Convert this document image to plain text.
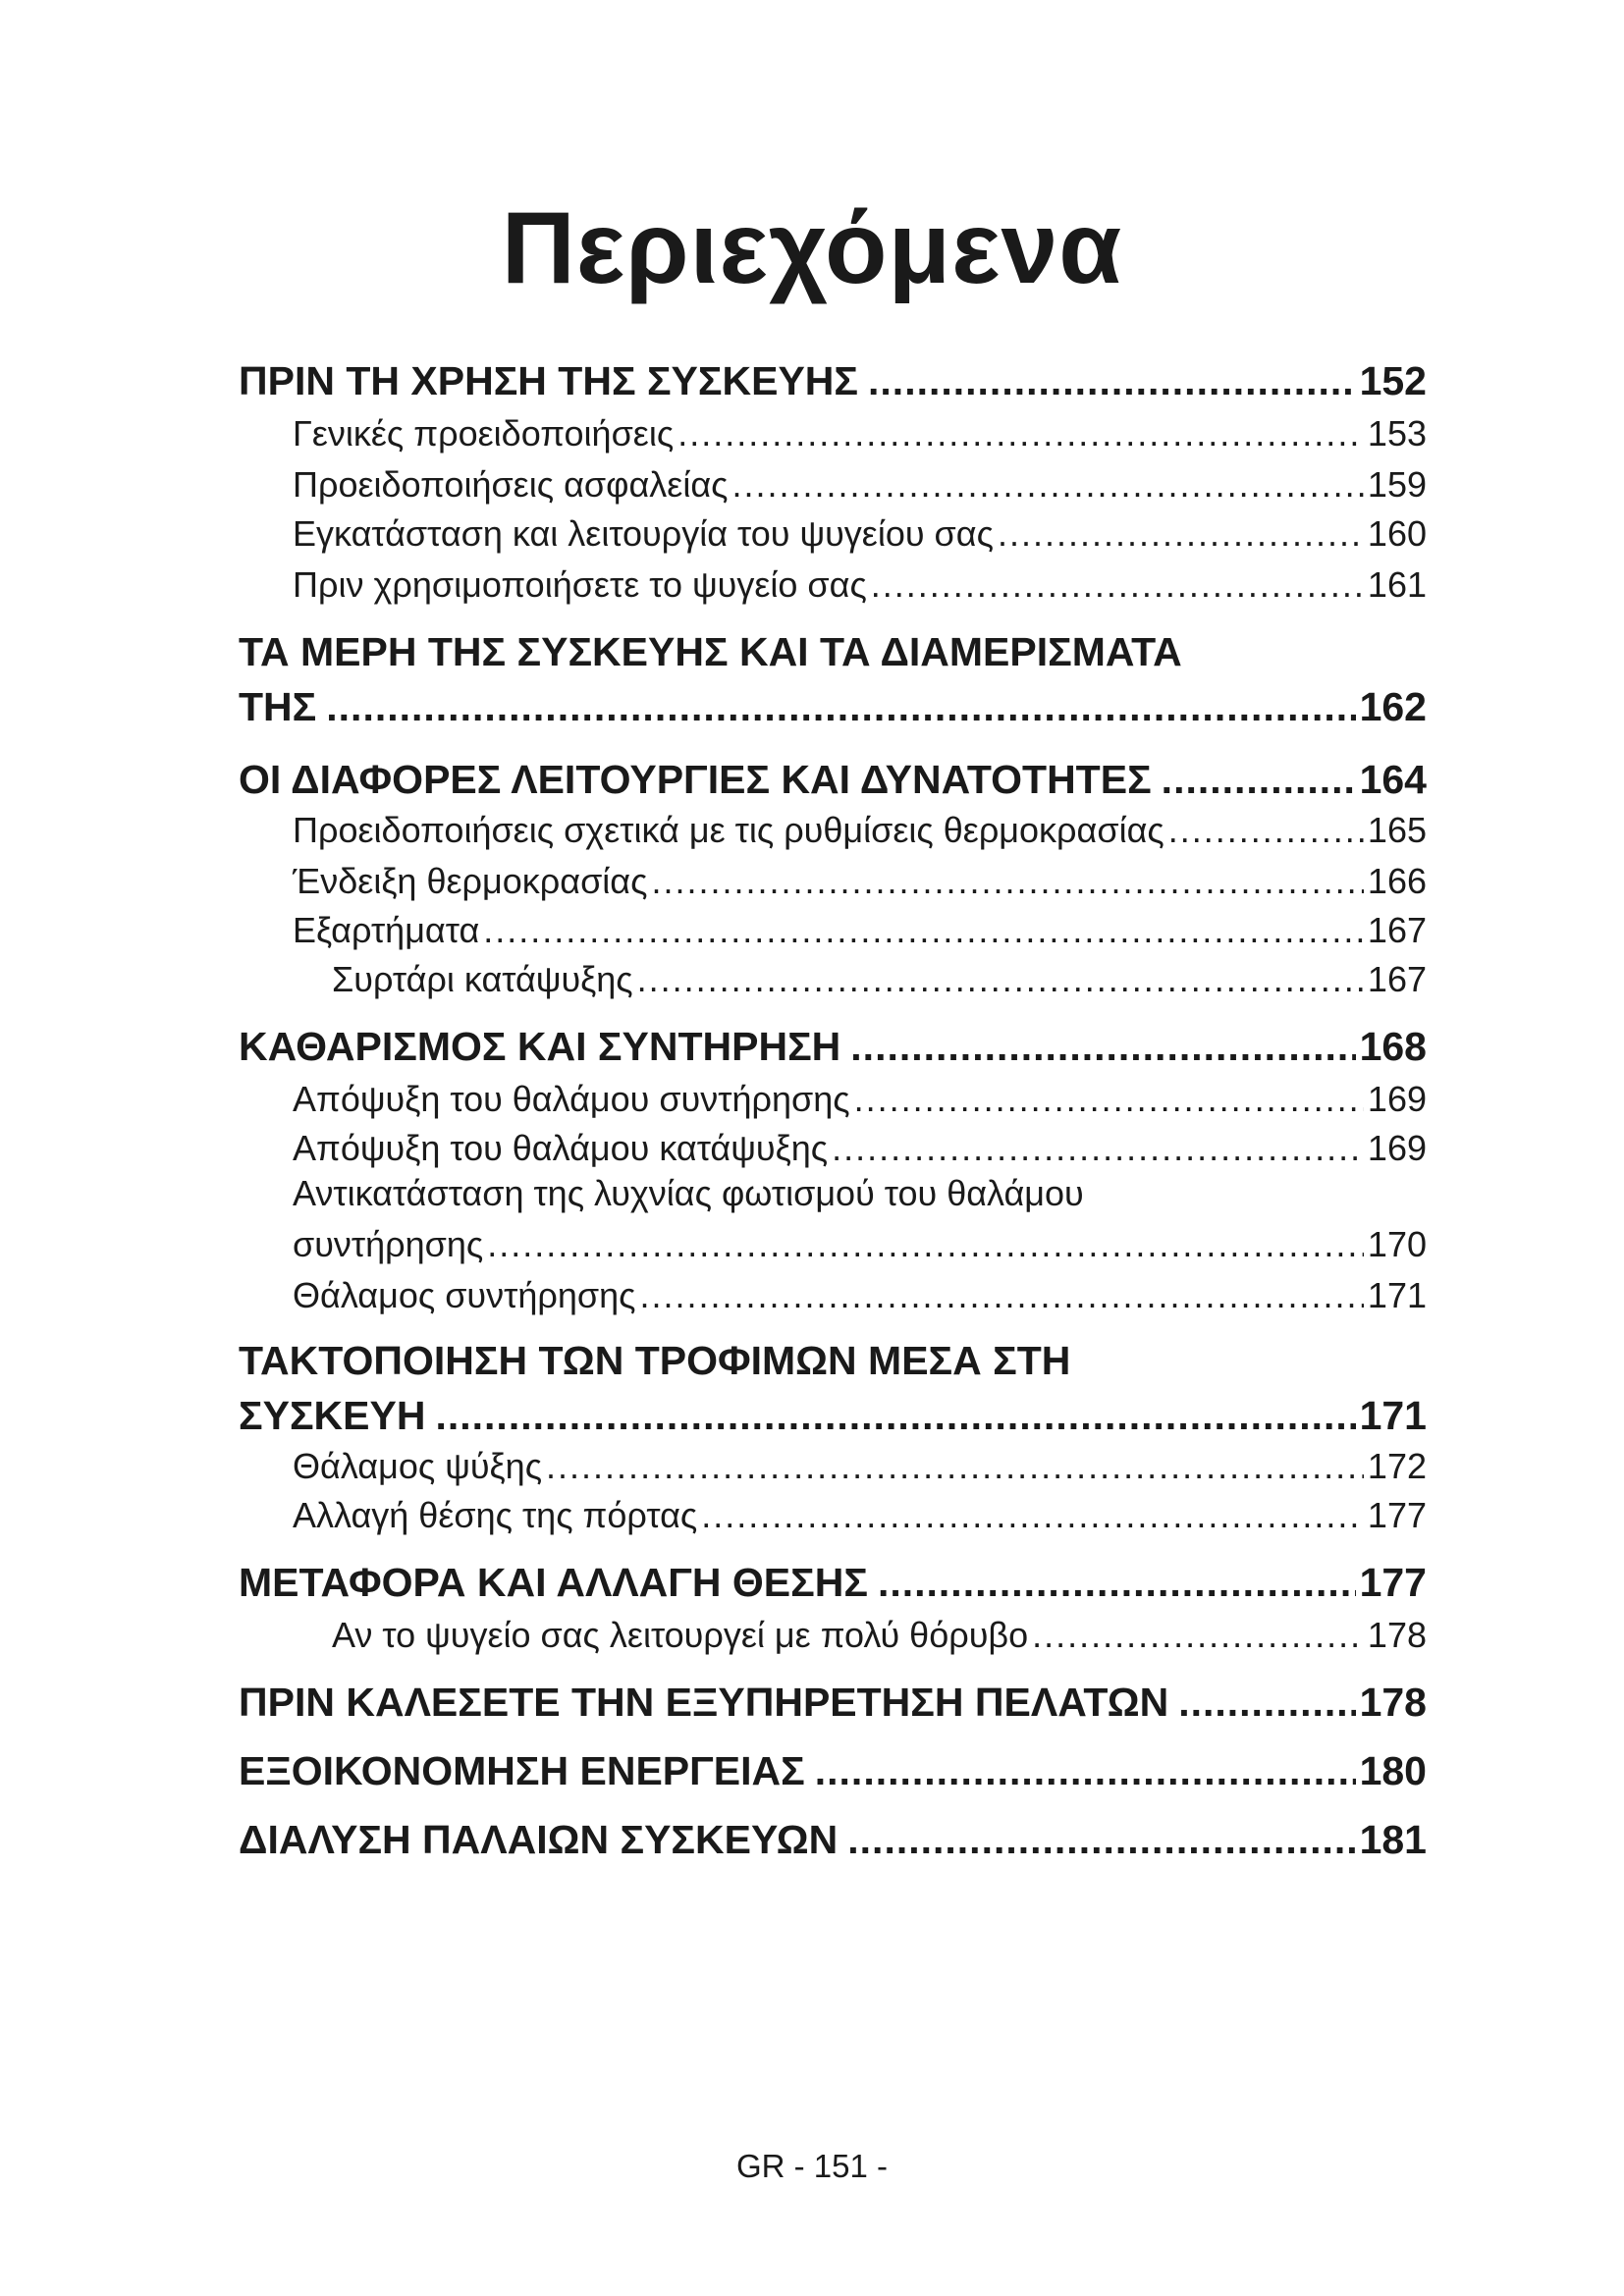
Περιεχόμενα
ΠΡΙΝ ΤΗ ΧΡΗΣΗ ΤΗΣ ΣΥΣΚΕΥΗΣ .....	152
Γενικές προειδοποιήσεις .....	153
Προειδοποιήσεις ασφαλείας .....	159
Εγκατάσταση και λειτουργία του ψυγείου σας .....	160
Πριν χρησιμοποιήσετε το ψυγείο σας .....	161
ΤΑ ΜΕΡΗ ΤΗΣ ΣΥΣΚΕΥΗΣ ΚΑΙ ΤΑ ΔΙΑΜΕΡΙΣΜΑΤΑ
ΤΗΣ .....	162
ΟΙ ΔΙΑΦΟΡΕΣ ΛΕΙΤΟΥΡΓΙΕΣ ΚΑΙ ΔΥΝΑΤΟΤΗΤΕΣ .....	164
Προειδοποιήσεις σχετικά με τις ρυθμίσεις θερμοκρασίας .....	165
Ένδειξη θερμοκρασίας .....	166
Εξαρτήματα .....	167
Συρτάρι κατάψυξης .....	167
ΚΑΘΑΡΙΣΜΟΣ ΚΑΙ ΣΥΝΤΗΡΗΣΗ .....	168
Απόψυξη του θαλάμου συντήρησης .....	169
Απόψυξη του θαλάμου κατάψυξης .....	169
Αντικατάσταση της λυχνίας φωτισμού του θαλάμου
συντήρησης .....	170
Θάλαμος συντήρησης .....	171
ΤΑΚΤΟΠΟΙΗΣΗ ΤΩΝ ΤΡΟΦΙΜΩΝ ΜΕΣΑ ΣΤΗ
ΣΥΣΚΕΥΗ .....	171
Θάλαμος ψύξης .....	172
Αλλαγή θέσης της πόρτας .....	177
ΜΕΤΑΦΟΡΑ ΚΑΙ ΑΛΛΑΓΗ ΘΕΣΗΣ .....	177
Αν το ψυγείο σας λειτουργεί με πολύ θόρυβο .....	178
ΠΡΙΝ ΚΑΛΕΣΕΤΕ ΤΗΝ ΕΞΥΠΗΡΕΤΗΣΗ ΠΕΛΑΤΩΝ .....	178
ΕΞΟΙΚΟΝΟΜΗΣΗ ΕΝΕΡΓΕΙΑΣ .....	180
ΔΙΑΛΥΣΗ ΠΑΛΑΙΩΝ ΣΥΣΚΕΥΩΝ .....	181
GR - 151 -
